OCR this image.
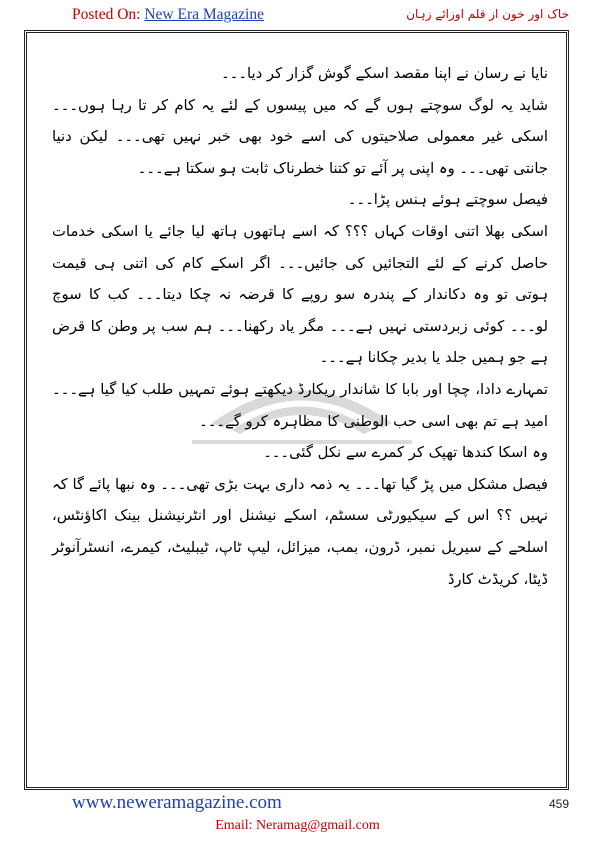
Posted On: New Era Magazine	خاک اور خون از قلم اوزائے زہان

نایا نے رسان نے اپنا مقصد اسکے گوش گزار کر دیا۔۔۔

شاید یہ لوگ سوچتے ہوں گے کہ میں پیسوں کے لئے یہ کام کر تا رہا ہوں۔۔۔ اسکی غیر معمولی صلاحیتوں کی اسے خود بھی خبر نہیں تھی۔۔۔ لیکن دنیا جانتی تھی۔۔۔ وہ اپنی پر آئے تو کتنا خطرناک ثابت ہو سکتا ہے۔۔۔

فیصل سوچتے ہوئے ہنس پڑا۔۔۔

اسکی بھلا اتنی اوقات کہاں ؟؟؟ کہ اسے ہاتھوں ہاتھ لیا جائے یا اسکی خدمات حاصل کرنے کے لئے التجائیں کی جائیں۔۔۔ اگر اسکے کام کی اتنی ہی قیمت ہوتی تو وہ دکاندار کے پندرہ سو روپے کا قرضہ نہ چکا دیتا۔۔۔ کب کا سوچ لو۔۔۔ کوئی زبردستی نہیں ہے۔۔۔ مگر یاد رکھنا۔۔۔ ہم سب پر وطن کا قرض ہے جو ہمیں جلد یا بدیر چکانا ہے۔۔۔

تمہارے دادا، چچا اور بابا کا شاندار ریکارڈ دیکھتے ہوئے تمہیں طلب کیا گیا ہے۔۔۔ امید ہے تم بھی اسی حب الوطنی کا مظاہرہ کرو گے۔۔۔

وہ اسکا کندھا تھپک کر کمرے سے نکل گئی۔۔۔

فیصل مشکل میں پڑ گیا تھا۔۔۔ یہ ذمہ داری بہت بڑی تھی۔۔۔ وہ نبھا پائے گا کہ نہیں ؟؟ اس کے سیکیورٹی سسٹم، اسکے نیشنل اور انٹرنیشنل بینک اکاؤنٹس، اسلحے کے سیریل نمبر، ڈرون، بمب، میزائل، لیپ ٹاپ، ٹیبلیٹ، کیمرے، انسٹرآنوٹر ڈیٹا، کریڈٹ کارڈ

www.neweramagazine.com	459
Email: Neramag@gmail.com
